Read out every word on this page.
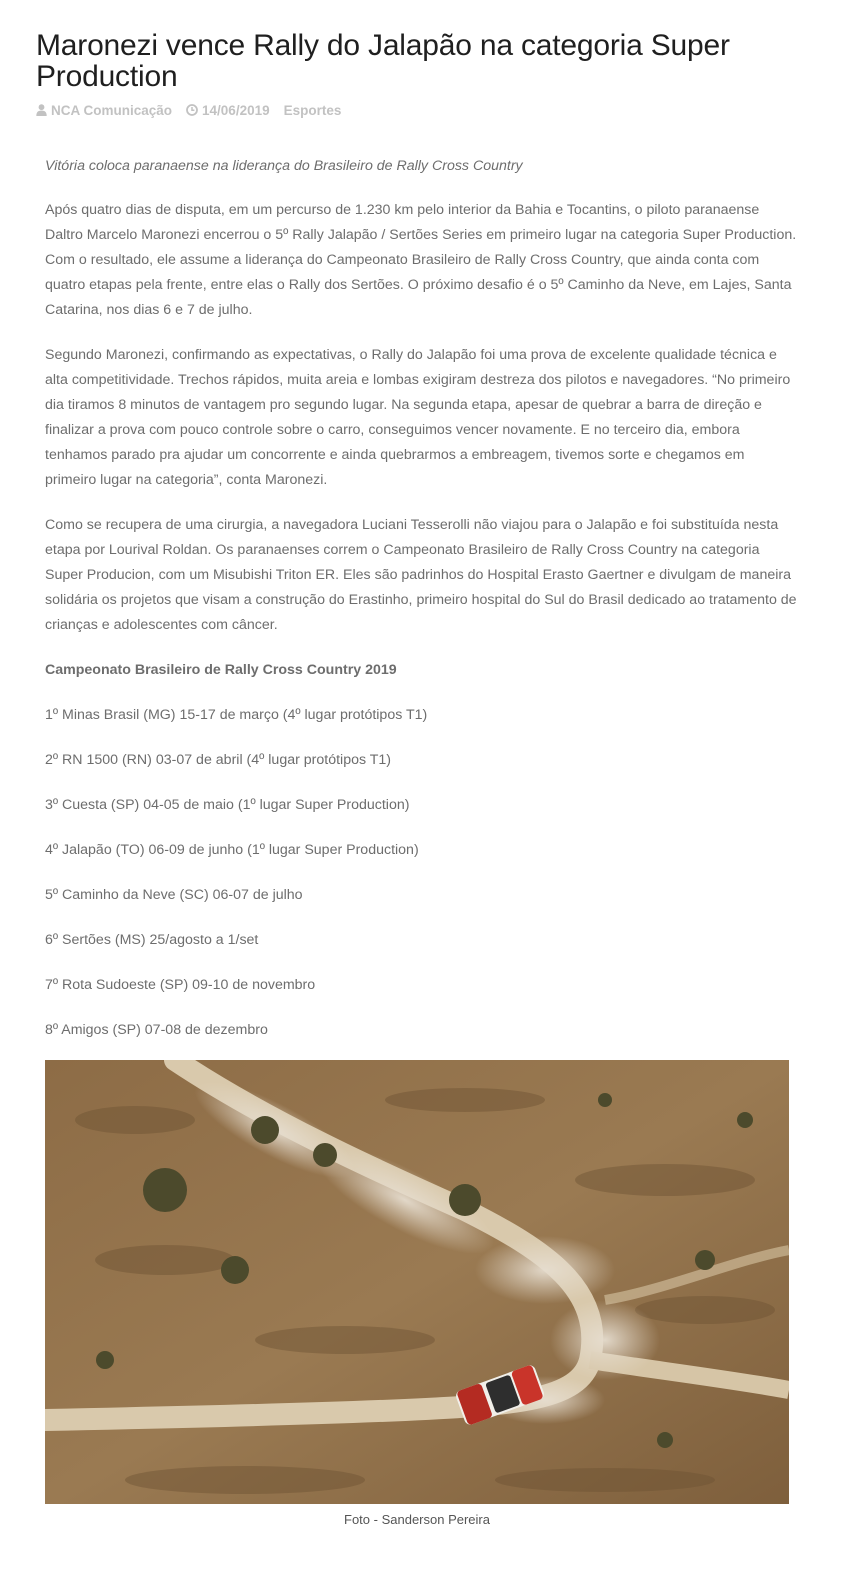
Maronezi vence Rally do Jalapão na categoria Super Production
NCA Comunicação 14/06/2019 Esportes

Vitória coloca paranaense na liderança do Brasileiro de Rally Cross Country

Após quatro dias de disputa, em um percurso de 1.230 km pelo interior da Bahia e Tocantins, o piloto paranaense Daltro Marcelo Maronezi encerrou o 5º Rally Jalapão / Sertões Series em primeiro lugar na categoria Super Production. Com o resultado, ele assume a liderança do Campeonato Brasileiro de Rally Cross Country, que ainda conta com quatro etapas pela frente, entre elas o Rally dos Sertões. O próximo desafio é o 5º Caminho da Neve, em Lajes, Santa Catarina, nos dias 6 e 7 de julho.

Segundo Maronezi, confirmando as expectativas, o Rally do Jalapão foi uma prova de excelente qualidade técnica e alta competitividade. Trechos rápidos, muita areia e lombas exigiram destreza dos pilotos e navegadores. “No primeiro dia tiramos 8 minutos de vantagem pro segundo lugar. Na segunda etapa, apesar de quebrar a barra de direção e finalizar a prova com pouco controle sobre o carro, conseguimos vencer novamente. E no terceiro dia, embora tenhamos parado pra ajudar um concorrente e ainda quebrarmos a embreagem, tivemos sorte e chegamos em primeiro lugar na categoria”, conta Maronezi.

Como se recupera de uma cirurgia, a navegadora Luciani Tesserolli não viajou para o Jalapão e foi substituída nesta etapa por Lourival Roldan. Os paranaenses correm o Campeonato Brasileiro de Rally Cross Country na categoria Super Producion, com um Misubishi Triton ER. Eles são padrinhos do Hospital Erasto Gaertner e divulgam de maneira solidária os projetos que visam a construção do Erastinho, primeiro hospital do Sul do Brasil dedicado ao tratamento de crianças e adolescentes com câncer.

Campeonato Brasileiro de Rally Cross Country 2019

1º Minas Brasil (MG) 15-17 de março (4º lugar protótipos T1)

2º RN 1500 (RN) 03-07 de abril (4º lugar protótipos T1)

3º Cuesta (SP) 04-05 de maio (1º lugar Super Production)

4º Jalapão (TO) 06-09 de junho (1º lugar Super Production)

5º Caminho da Neve (SC) 06-07 de julho

6º Sertões (MS) 25/agosto a 1/set

7º Rota Sudoeste (SP) 09-10 de novembro

8º Amigos (SP) 07-08 de dezembro

Foto - Sanderson Pereira
